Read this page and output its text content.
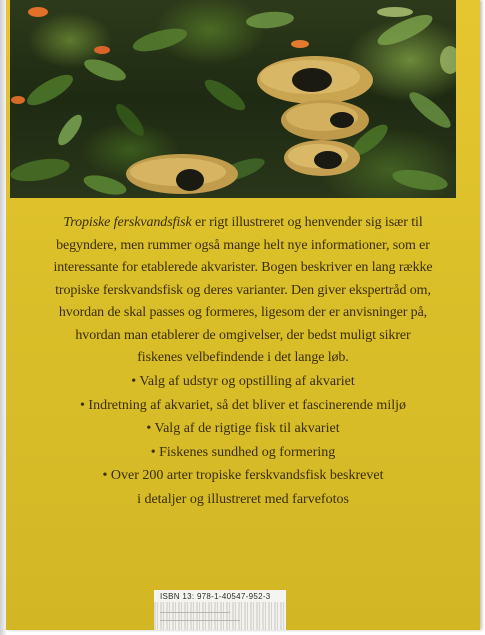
Tropiske ferskvandsfisk er rigt illustreret og henvender sig især til

begyndere, men rummer også mange helt nye informationer, som er

interessante for etablerede akvarister. Bogen beskriver en lang række

tropiske ferskvandsfisk og deres varianter. Den giver ekspertråd om,

hvordan de skal passes og formeres, ligesom der er anvisninger på,

hvordan man etablerer de omgivelser, der bedst muligt sikrer

fiskenes velbefindende i det lange løb.

• Valg af udstyr og opstilling af akvariet
• Indretning af akvariet, så det bliver et fascinerende miljø
• Valg af de rigtige fisk til akvariet
• Fiskenes sundhed og formering
• Over 200 arter tropiske ferskvandsfisk beskrevet
i detaljer og illustreret med farvefotos
ISBN 13: 978-1-40547-952-3
